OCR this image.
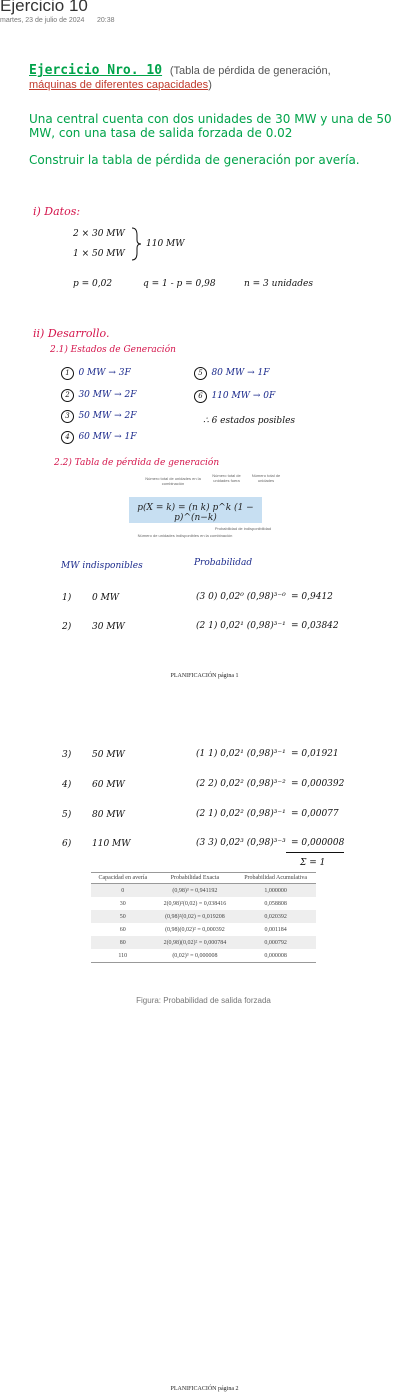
Ejercicio 10
martes, 23 de julio de 2024 20:38
Ejercicio Nro. 10 (Tabla de pérdida de generación,
máquinas de diferentes capacidades)
Una central cuenta con dos unidades de 30 MW y una de 50 MW, con una tasa de salida forzada de 0.02
Construir la tabla de pérdida de generación por avería.
i) Datos:
2 × 30 MW
1 × 50 MW
110 MW
p = 0,02	q = 1 - p = 0,98	n = 3 unidades
ii) Desarrollo.
2.1) Estados de Generación
1 0 MW → 3F
2 30 MW → 2F
3 50 MW → 2F
4 60 MW → 1F
5 80 MW → 1F
6 110 MW → 0F
∴ 6 estados posibles
2.2) Tabla de pérdida de generación
Número total de unidades en la combinación
Número total de unidades fuera
Número total de unidades
p(X = k) = (n k) p^k (1 − p)^(n−k)
Probabilidad de indisponibilidad
Número de unidades indisponibles en la combinación
MW indisponibles	Probabilidad
1) 0 MW	(3 0) 0,02⁰ (0,98)³⁻⁰ = 0,9412
2) 30 MW	(2 1) 0,02¹ (0,98)³⁻¹ = 0,03842
PLANIFICACIÓN página 1
3) 50 MW	(1 1) 0,02¹ (0,98)³⁻¹ = 0,01921
4) 60 MW	(2 2) 0,02² (0,98)³⁻² = 0,000392
5) 80 MW	(2 1) 0,02² (0,98)³⁻¹ = 0,00077
6) 110 MW	(3 3) 0,02³ (0,98)³⁻³ = 0,000008
Σ = 1
Capacidad en avería	Probabilidad Exacta	Probabilidad Acumulativa
0	(0,98)³ = 0,941192	1,000000
30	2(0,98)²(0,02) = 0,038416	0,058808
50	(0,98)²(0,02) = 0,019208	0,020392
60	(0,98)(0,02)² = 0,000392	0,001184
80	2(0,98)(0,02)² = 0,000784	0,000792
110	(0,02)³ = 0,000008	0,000008
Figura: Probabilidad de salida forzada
PLANIFICACIÓN página 2
